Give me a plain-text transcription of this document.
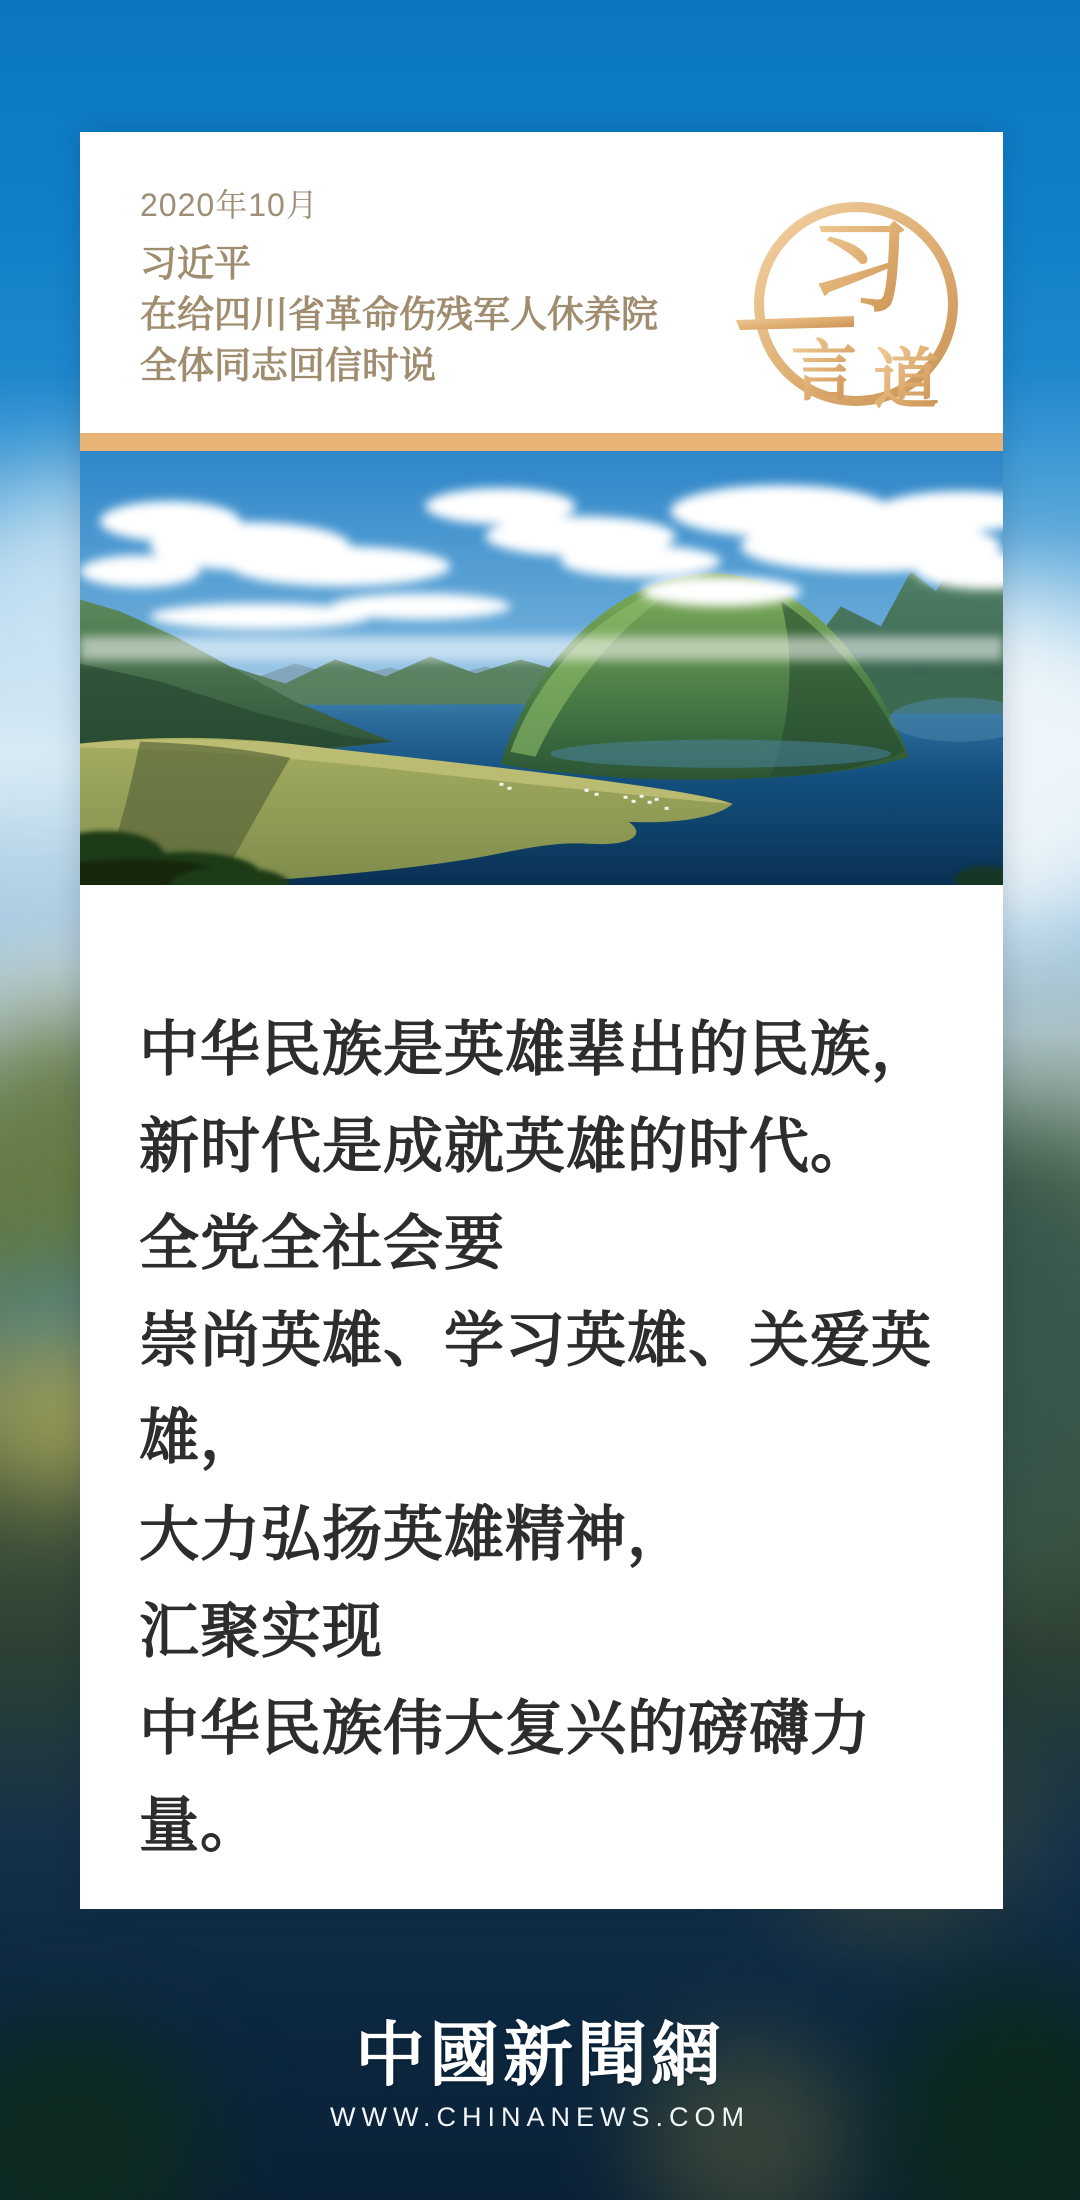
2020年10月
习近平
在给四川省革命伤残军人休养院
全体同志回信时说
习
言 道
中华民族是英雄辈出的民族，
新时代是成就英雄的时代。
全党全社会要
崇尚英雄、学习英雄、关爱英雄，
大力弘扬英雄精神，
汇聚实现
中华民族伟大复兴的磅礴力量。
中國新聞網
WWW.CHINANEWS.COM
